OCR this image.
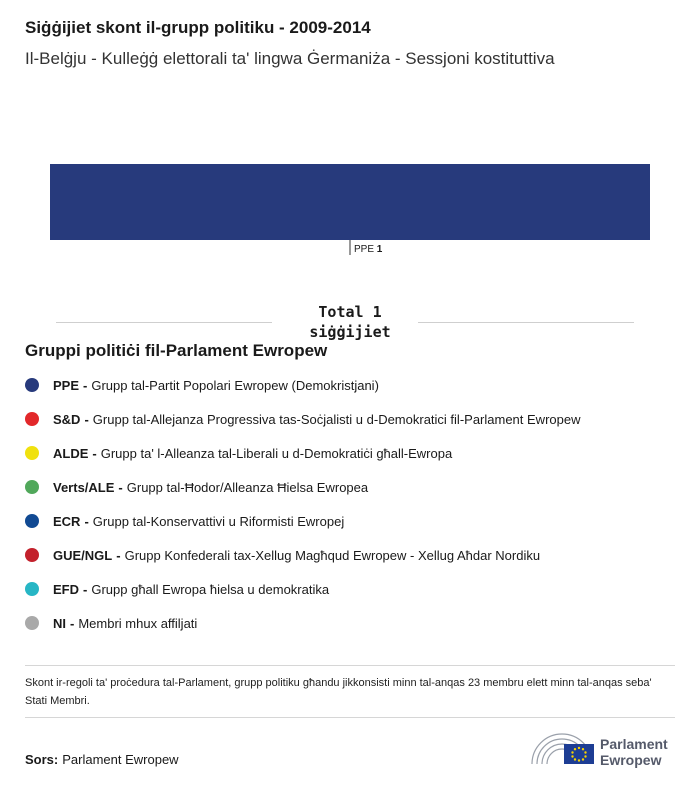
Siġġijiet skont il-grupp politiku - 2009-2014
Il-Belġju - Kulleġġ elettorali ta' lingwa Ġermaniża - Sessjoni kostituttiva
PPE 1
Total 1
siġġijiet
Gruppi politiċi fil-Parlament Ewropew
PPE - Grupp tal-Partit Popolari Ewropew (Demokristjani)
S&D - Grupp tal-Allejanza Progressiva tas-Soċjalisti u d-Demokratici fil-Parlament Ewropew
ALDE - Grupp ta' l-Alleanza tal-Liberali u d-Demokratiċi għall-Ewropa
Verts/ALE - Grupp tal-Ħodor/Alleanza Ħielsa Ewropea
ECR - Grupp tal-Konservattivi u Riformisti Ewropej
GUE/NGL - Grupp Konfederali tax-Xellug Magħqud Ewropew - Xellug Aħdar Nordiku
EFD - Grupp għall Ewropa ħielsa u demokratika
NI - Membri mhux affiljati
Skont ir-regoli ta' proċedura tal-Parlament, grupp politiku għandu jikkonsisti minn tal-anqas 23 membru elett minn tal-anqas seba' Stati Membri.
Sors: Parlament Ewropew
Parlament
Ewropew
